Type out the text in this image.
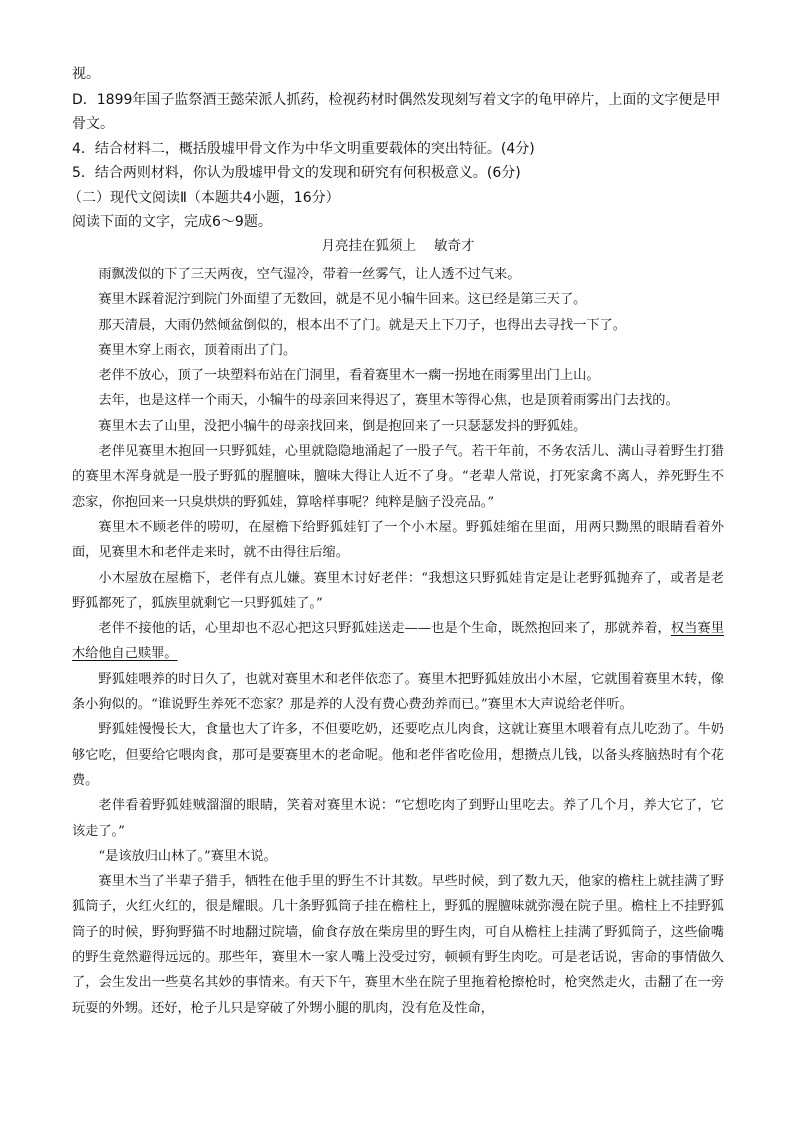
视。
D．1899年国子监祭酒王懿荣派人抓药，检视药材时偶然发现刻写着文字的龟甲碎片，上面的文字便是甲
骨文。
4．结合材料二，概括殷墟甲骨文作为中华文明重要载体的突出特征。(4分)
5．结合两则材料，你认为殷墟甲骨文的发现和研究有何积极意义。(6分)
（二）现代文阅读Ⅱ（本题共4小题，16分）
阅读下面的文字，完成6～9题。
月亮挂在狐须上 敏奇才

雨飘泼似的下了三天两夜，空气湿冷，带着一丝雾气，让人透不过气来。

赛里木踩着泥泞到院门外面望了无数回，就是不见小犏牛回来。这已经是第三天了。

那天清晨，大雨仍然倾盆倒似的，根本出不了门。就是天上下刀子，也得出去寻找一下了。

赛里木穿上雨衣，顶着雨出了门。

老伴不放心，顶了一块塑料布站在门洞里，看着赛里木一瘸一拐地在雨雾里出门上山。

去年，也是这样一个雨天，小犏牛的母亲回来得迟了，赛里木等得心焦，也是顶着雨雾出门去找的。

赛里木去了山里，没把小犏牛的母亲找回来，倒是抱回来了一只瑟瑟发抖的野狐娃。

老伴见赛里木抱回一只野狐娃，心里就隐隐地涌起了一股子气。若干年前，不务农活儿、满山寻着野生打猎的赛里木浑身就是一股子野狐的腥膻味，膻味大得让人近不了身。“老辈人常说，打死家禽不离人，养死野生不恋家，你抱回来一只臭烘烘的野狐娃，算啥样事呢？纯粹是脑子没亮品。”

赛里木不顾老伴的唠叨，在屋檐下给野狐娃钉了一个小木屋。野狐娃缩在里面，用两只黝黑的眼睛看着外面，见赛里木和老伴走来时，就不由得往后缩。

小木屋放在屋檐下，老伴有点儿嫌。赛里木讨好老伴：“我想这只野狐娃肯定是让老野狐抛弃了，或者是老野狐都死了，狐族里就剩它一只野狐娃了。”

老伴不接他的话，心里却也不忍心把这只野狐娃送走——也是个生命，既然抱回来了，那就养着，权当赛里木给他自己赎罪。

野狐娃喂养的时日久了，也就对赛里木和老伴依恋了。赛里木把野狐娃放出小木屋，它就围着赛里木转，像条小狗似的。“谁说野生养死不恋家？那是养的人没有费心费劲养而已。”赛里木大声说给老伴听。

野狐娃慢慢长大，食量也大了许多，不但要吃奶，还要吃点儿肉食，这就让赛里木喂着有点儿吃劲了。牛奶够它吃，但要给它喂肉食，那可是要赛里木的老命呢。他和老伴省吃俭用，想攒点儿钱，以备头疼脑热时有个花费。

老伴看着野狐娃贼溜溜的眼睛，笑着对赛里木说：“它想吃肉了到野山里吃去。养了几个月，养大它了，它该走了。”

“是该放归山林了。”赛里木说。

赛里木当了半辈子猎手，牺牲在他手里的野生不计其数。早些时候，到了数九天，他家的檐柱上就挂满了野狐筒子，火红火红的，很是耀眼。几十条野狐筒子挂在檐柱上，野狐的腥膻味就弥漫在院子里。檐柱上不挂野狐筒子的时候，野狗野猫不时地翻过院墙，偷食存放在柴房里的野生肉，可自从檐柱上挂满了野狐筒子，这些偷嘴的野生竟然避得远远的。那些年，赛里木一家人嘴上没受过穷，顿顿有野生肉吃。可是老话说，害命的事情做久了，会生发出一些莫名其妙的事情来。有天下午，赛里木坐在院子里拖着枪擦枪时，枪突然走火，击翻了在一旁玩耍的外甥。还好，枪子儿只是穿破了外甥小腿的肌肉，没有危及性命，
